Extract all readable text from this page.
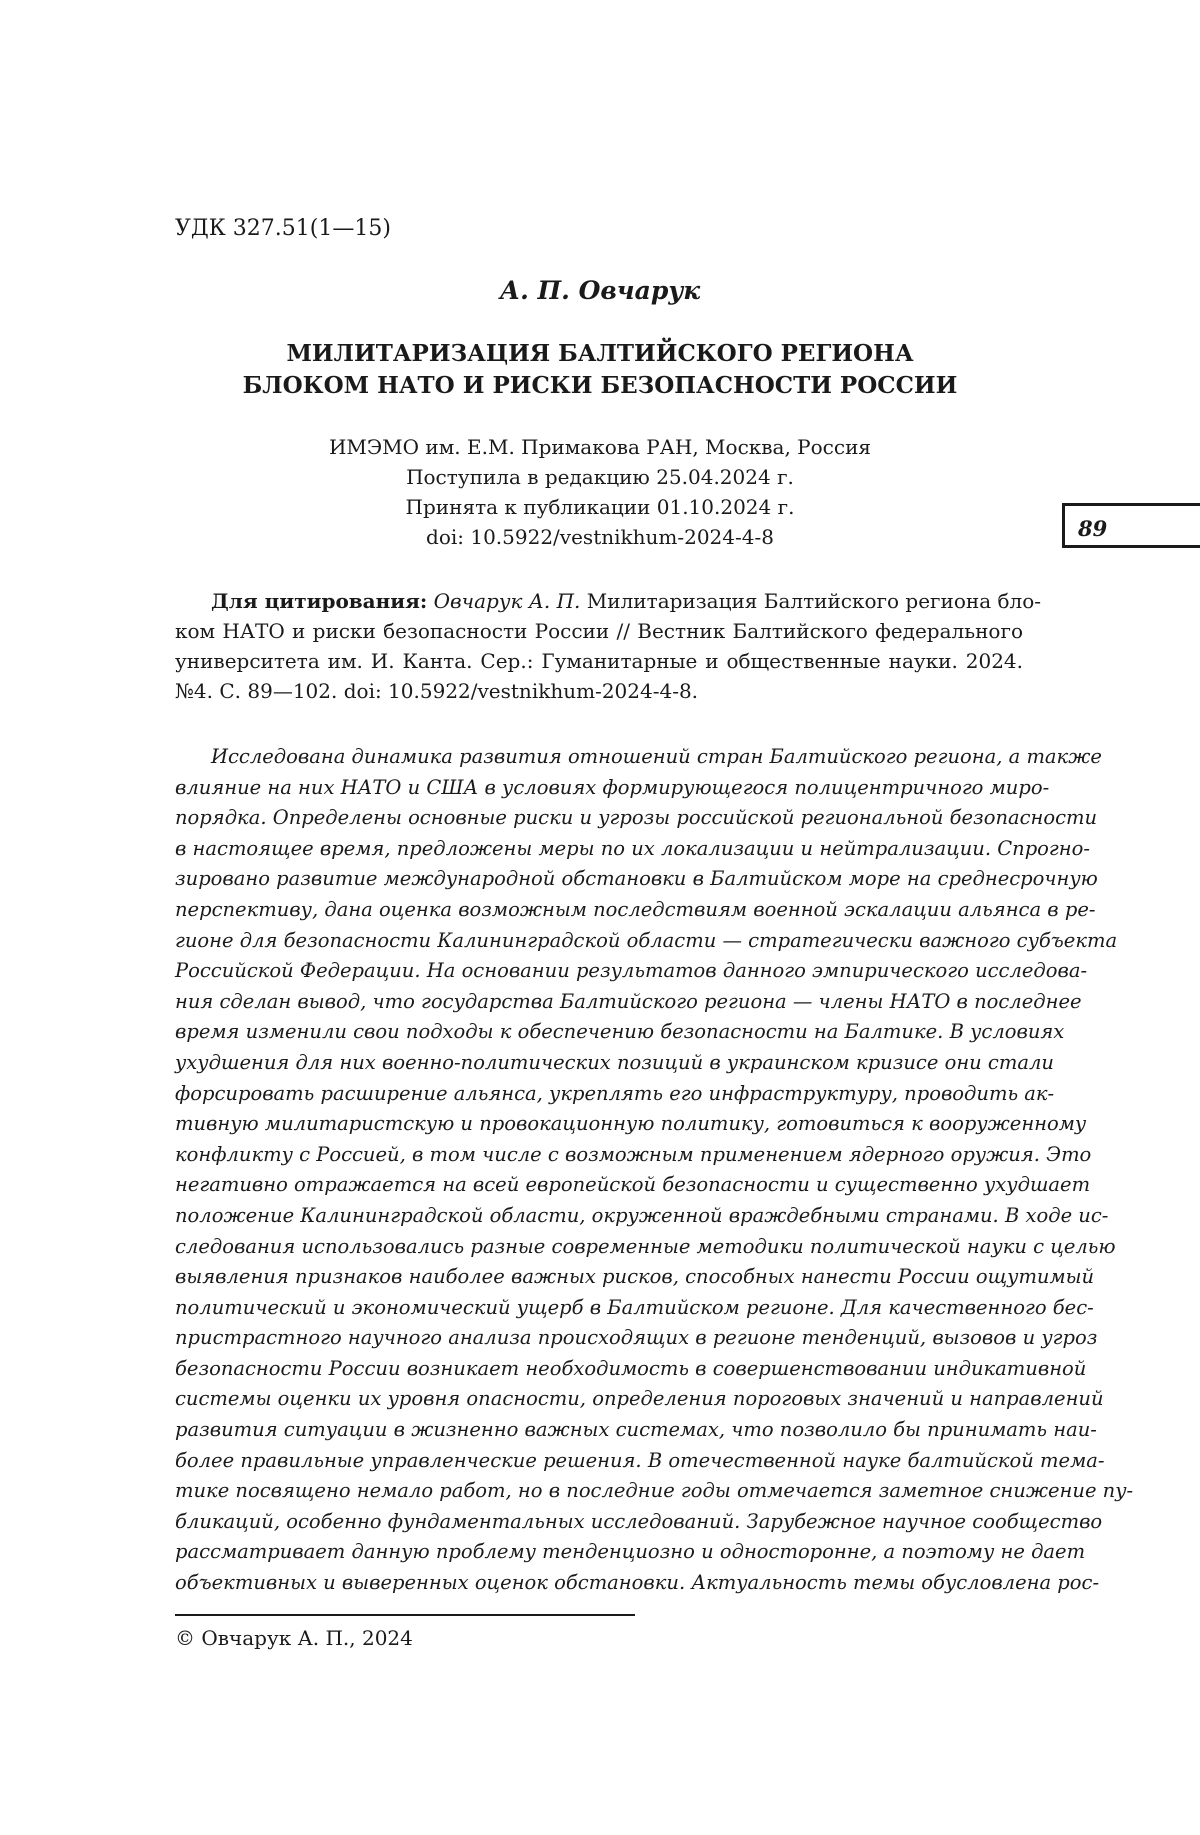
УДК 327.51(1—15)
А. П. Овчарук
МИЛИТАРИЗАЦИЯ БАЛТИЙСКОГО РЕГИОНА
БЛОКОМ НАТО И РИСКИ БЕЗОПАСНОСТИ РОССИИ
ИМЭМО им. Е.М. Примакова РАН, Москва, Россия
Поступила в редакцию 25.04.2024 г.
Принята к публикации 01.10.2024 г.
doi: 10.5922/vestnikhum-2024-4-8	89
Для цитирования: Овчарук А. П. Милитаризация Балтийского региона бло-
ком НАТО и риски безопасности России // Вестник Балтийского федерального
университета им. И. Канта. Сер.: Гуманитарные и общественные науки. 2024.
№4. С. 89—102. doi: 10.5922/vestnikhum-2024-4-8.
Исследована динамика развития отношений стран Балтийского региона, а также
влияние на них НАТО и США в условиях формирующегося полицентричного миро-
порядка. Определены основные риски и угрозы российской региональной безопасности
в настоящее время, предложены меры по их локализации и нейтрализации. Спрогно-
зировано развитие международной обстановки в Балтийском море на среднесрочную
перспективу, дана оценка возможным последствиям военной эскалации альянса в ре-
гионе для безопасности Калининградской области — стратегически важного субъекта
Российской Федерации. На основании результатов данного эмпирического исследова-
ния сделан вывод, что государства Балтийского региона — члены НАТО в последнее
время изменили свои подходы к обеспечению безопасности на Балтике. В условиях
ухудшения для них военно-политических позиций в украинском кризисе они стали
форсировать расширение альянса, укреплять его инфраструктуру, проводить ак-
тивную милитаристскую и провокационную политику, готовиться к вооруженному
конфликту с Россией, в том числе с возможным применением ядерного оружия. Это
негативно отражается на всей европейской безопасности и существенно ухудшает
положение Калининградской области, окруженной враждебными странами. В ходе ис-
следования использовались разные современные методики политической науки с целью
выявления признаков наиболее важных рисков, способных нанести России ощутимый
политический и экономический ущерб в Балтийском регионе. Для качественного бес-
пристрастного научного анализа происходящих в регионе тенденций, вызовов и угроз
безопасности России возникает необходимость в совершенствовании индикативной
системы оценки их уровня опасности, определения пороговых значений и направлений
развития ситуации в жизненно важных системах, что позволило бы принимать наи-
более правильные управленческие решения. В отечественной науке балтийской тема-
тике посвящено немало работ, но в последние годы отмечается заметное снижение пу-
бликаций, особенно фундаментальных исследований. Зарубежное научное сообщество
рассматривает данную проблему тенденциозно и односторонне, а поэтому не дает
объективных и выверенных оценок обстановки. Актуальность темы обусловлена рос-
© Овчарук А. П., 2024
